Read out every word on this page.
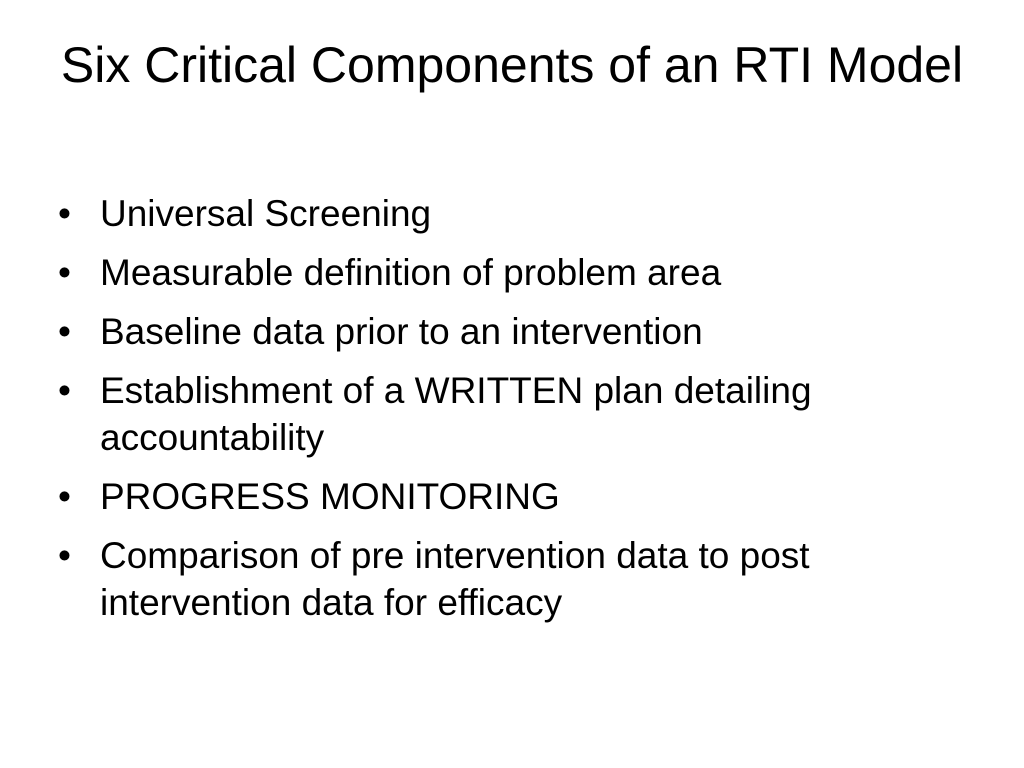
Six Critical Components of an RTI Model
• Universal Screening
• Measurable definition of problem area
• Baseline data prior to an intervention
• Establishment of a WRITTEN plan detailing accountability
• PROGRESS MONITORING
• Comparison of pre intervention data to post intervention data for efficacy
